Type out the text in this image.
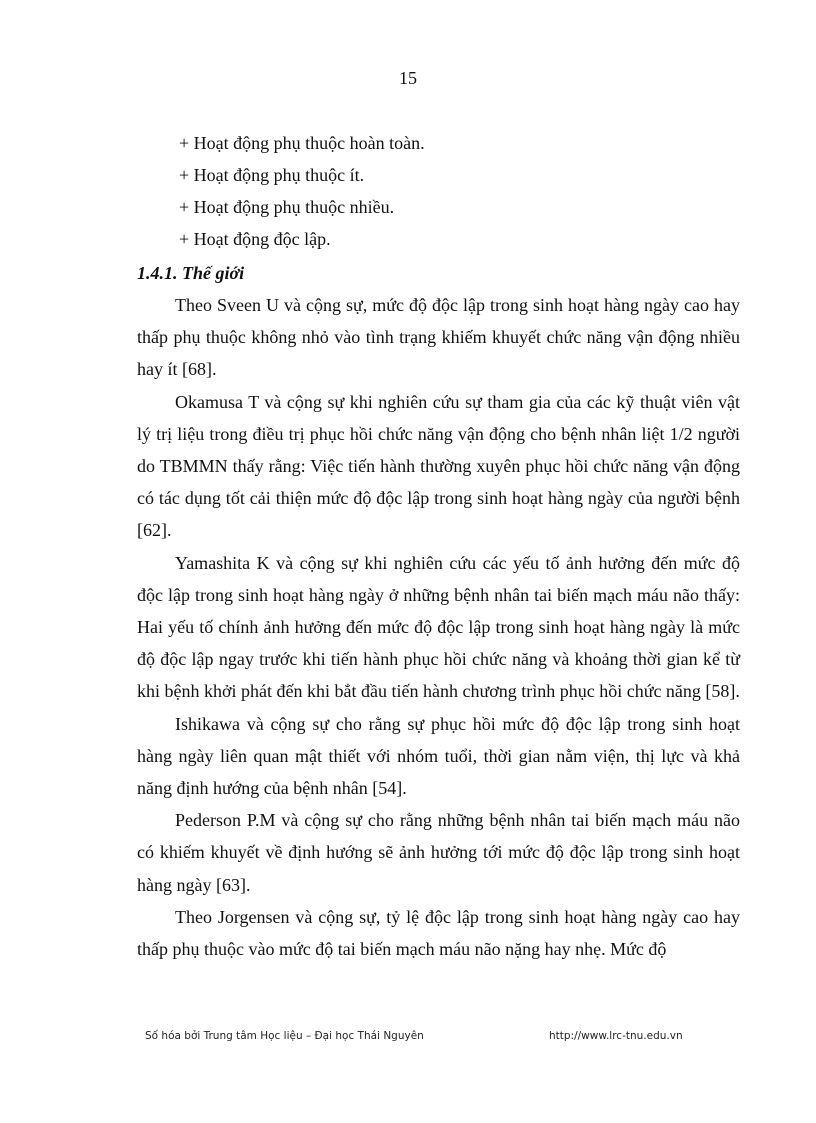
15
+ Hoạt động phụ thuộc hoàn toàn.
+ Hoạt động phụ thuộc ít.
+ Hoạt động phụ thuộc nhiều.
+ Hoạt động độc lập.
1.4.1. Thế giới

Theo Sveen U và cộng sự, mức độ độc lập trong sinh hoạt hàng ngày cao hay thấp phụ thuộc không nhỏ vào tình trạng khiếm khuyết chức năng vận động nhiều hay ít [68].

Okamusa T và cộng sự khi nghiên cứu sự tham gia của các kỹ thuật viên vật lý trị liệu trong điều trị phục hồi chức năng vận động cho bệnh nhân liệt 1/2 người do TBMMN thấy rằng: Việc tiến hành thường xuyên phục hồi chức năng vận động có tác dụng tốt cải thiện mức độ độc lập trong sinh hoạt hàng ngày của người bệnh [62].

Yamashita K và cộng sự khi nghiên cứu các yếu tố ảnh hưởng đến mức độ độc lập trong sinh hoạt hàng ngày ở những bệnh nhân tai biến mạch máu não thấy: Hai yếu tố chính ảnh hưởng đến mức độ độc lập trong sinh hoạt hàng ngày là mức độ độc lập ngay trước khi tiến hành phục hồi chức năng và khoảng thời gian kể từ khi bệnh khởi phát đến khi bắt đầu tiến hành chương trình phục hồi chức năng [58].

Ishikawa và cộng sự cho rằng sự phục hồi mức độ độc lập trong sinh hoạt hàng ngày liên quan mật thiết với nhóm tuổi, thời gian nằm viện, thị lực và khả năng định hướng của bệnh nhân [54].

Pederson P.M và cộng sự cho rằng những bệnh nhân tai biến mạch máu não có khiếm khuyết về định hướng sẽ ảnh hưởng tới mức độ độc lập trong sinh hoạt hàng ngày [63].

Theo Jorgensen và cộng sự, tỷ lệ độc lập trong sinh hoạt hàng ngày cao hay thấp phụ thuộc vào mức độ tai biến mạch máu não nặng hay nhẹ. Mức độ

Số hóa bởi Trung tâm Học liệu – Đại học Thái Nguyên	http://www.lrc-tnu.edu.vn
